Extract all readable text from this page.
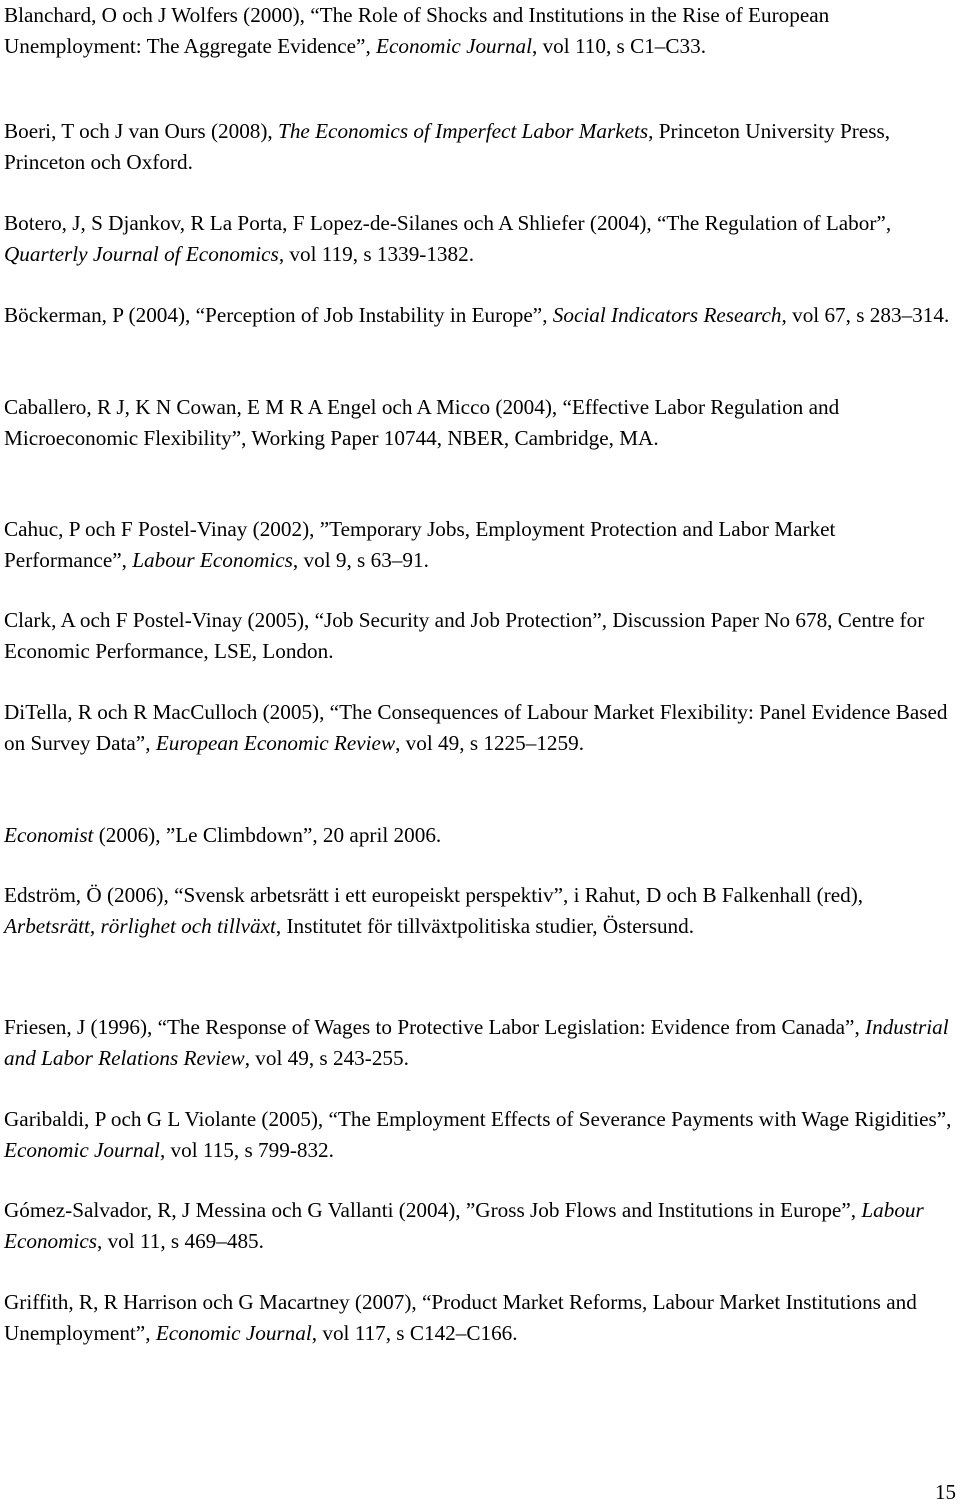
Blanchard, O och J Wolfers (2000), “The Role of Shocks and Institutions in the Rise of European Unemployment: The Aggregate Evidence”, Economic Journal, vol 110, s C1–C33.

Boeri, T och J van Ours (2008), The Economics of Imperfect Labor Markets, Princeton University Press, Princeton och Oxford.

Botero, J, S Djankov, R La Porta, F Lopez-de-Silanes och A Shliefer (2004), “The Regulation of Labor”, Quarterly Journal of Economics, vol 119, s 1339-1382.

Böckerman, P (2004), “Perception of Job Instability in Europe”, Social Indicators Research, vol 67, s 283–314.

Caballero, R J, K N Cowan, E M R A Engel och A Micco (2004), “Effective Labor Regulation and Microeconomic Flexibility”, Working Paper 10744, NBER, Cambridge, MA.

Cahuc, P och F Postel-Vinay (2002), ”Temporary Jobs, Employment Protection and Labor Market Performance”, Labour Economics, vol 9, s 63–91.

Clark, A och F Postel-Vinay (2005), “Job Security and Job Protection”, Discussion Paper No 678, Centre for Economic Performance, LSE, London.

DiTella, R och R MacCulloch (2005), “The Consequences of Labour Market Flexibility: Panel Evidence Based on Survey Data”, European Economic Review, vol 49, s 1225–1259.

Economist (2006), ”Le Climbdown”, 20 april 2006.

Edström, Ö (2006), “Svensk arbetsrätt i ett europeiskt perspektiv”, i Rahut, D och B Falkenhall (red), Arbetsrätt, rörlighet och tillväxt, Institutet för tillväxtpolitiska studier, Östersund.

Friesen, J (1996), “The Response of Wages to Protective Labor Legislation: Evidence from Canada”, Industrial and Labor Relations Review, vol 49, s 243-255.

Garibaldi, P och G L Violante (2005), “The Employment Effects of Severance Payments with Wage Rigidities”, Economic Journal, vol 115, s 799-832.

Gómez-Salvador, R, J Messina och G Vallanti (2004), ”Gross Job Flows and Institutions in Europe”, Labour Economics, vol 11, s 469–485.

Griffith, R, R Harrison och G Macartney (2007), “Product Market Reforms, Labour Market Institutions and Unemployment”, Economic Journal, vol 117, s C142–C166.

15
